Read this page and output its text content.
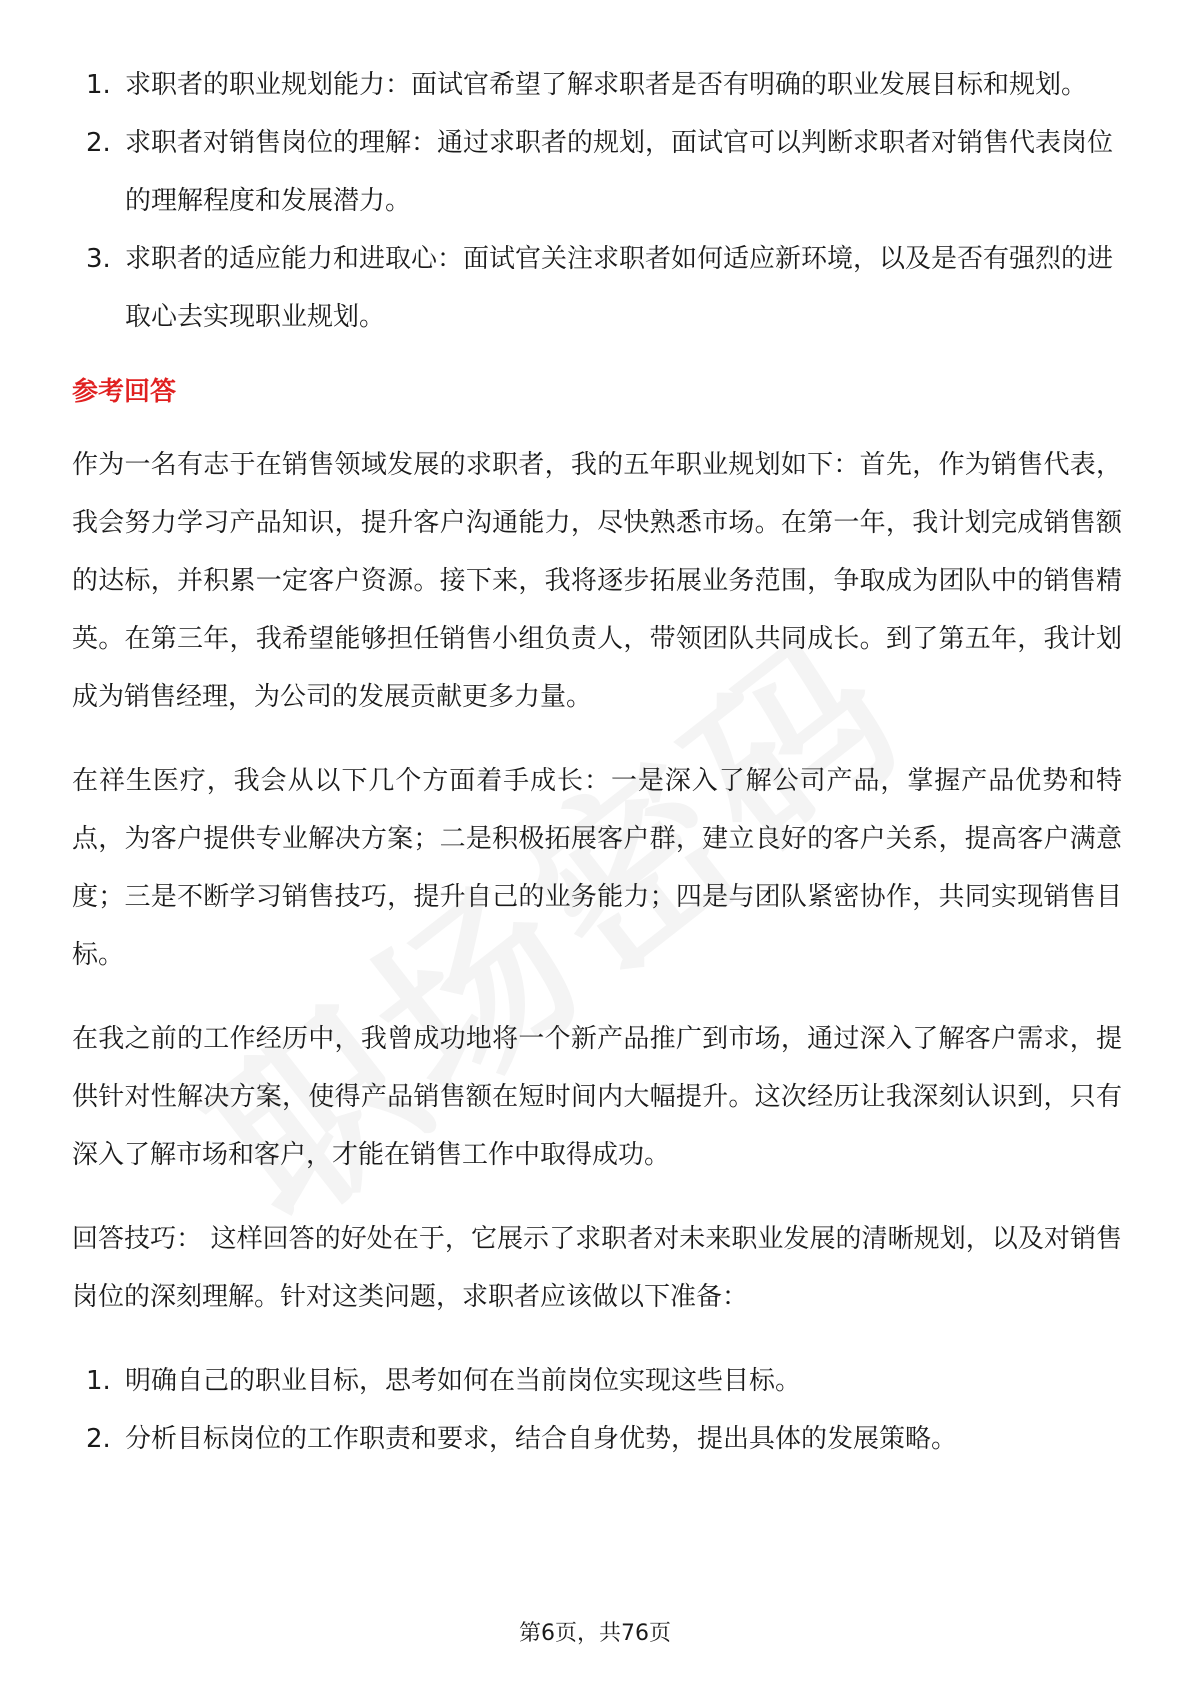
1. 求职者的职业规划能力：面试官希望了解求职者是否有明确的职业发展目标和规划。
2. 求职者对销售岗位的理解：通过求职者的规划，面试官可以判断求职者对销售代表岗位的理解程度和发展潜力。
3. 求职者的适应能力和进取心：面试官关注求职者如何适应新环境，以及是否有强烈的进取心去实现职业规划。
参考回答

作为一名有志于在销售领域发展的求职者，我的五年职业规划如下：首先，作为销售代表，我会努力学习产品知识，提升客户沟通能力，尽快熟悉市场。在第一年，我计划完成销售额的达标，并积累一定客户资源。接下来，我将逐步拓展业务范围，争取成为团队中的销售精英。在第三年，我希望能够担任销售小组负责人，带领团队共同成长。到了第五年，我计划成为销售经理，为公司的发展贡献更多力量。

在祥生医疗，我会从以下几个方面着手成长：一是深入了解公司产品，掌握产品优势和特点，为客户提供专业解决方案；二是积极拓展客户群，建立良好的客户关系，提高客户满意度；三是不断学习销售技巧，提升自己的业务能力；四是与团队紧密协作，共同实现销售目标。

在我之前的工作经历中，我曾成功地将一个新产品推广到市场，通过深入了解客户需求，提供针对性解决方案，使得产品销售额在短时间内大幅提升。这次经历让我深刻认识到，只有深入了解市场和客户，才能在销售工作中取得成功。

回答技巧： 这样回答的好处在于，它展示了求职者对未来职业发展的清晰规划，以及对销售岗位的深刻理解。针对这类问题，求职者应该做以下准备：

1. 明确自己的职业目标，思考如何在当前岗位实现这些目标。
2. 分析目标岗位的工作职责和要求，结合自身优势，提出具体的发展策略。
第6页，共76页
